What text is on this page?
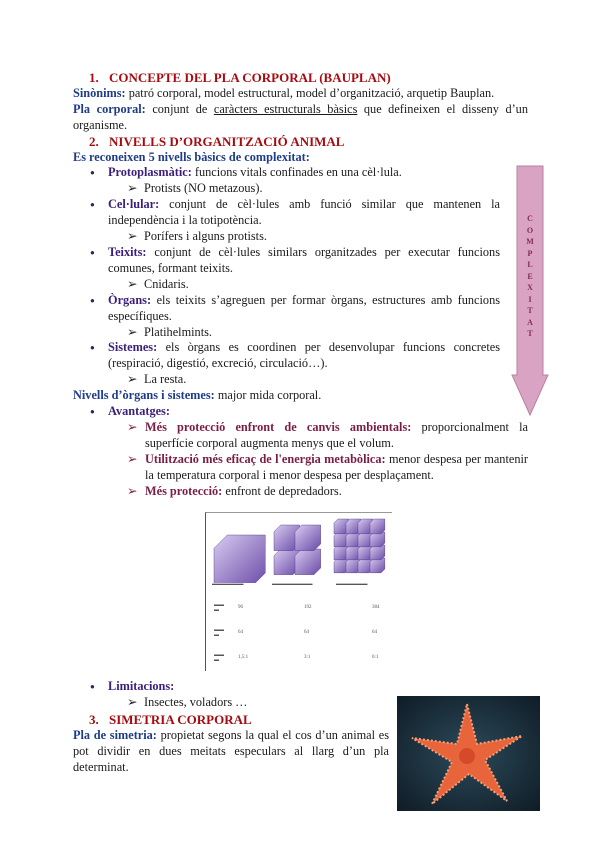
1. CONCEPTE DEL PLA CORPORAL (BAUPLAN)

Sinònims: patró corporal, model estructural, model d’organització, arquetip Bauplan.

Pla corporal: conjunt de caràcters estructurals bàsics que defineixen el disseny d’un organisme.

2. NIVELLS D’ORGANITZACIÓ ANIMAL

Es reconeixen 5 nivells bàsics de complexitat:

● Protoplasmàtic: funcions vitals confinades en una cèl·lula.
➢ Protists (NO metazous).
● Cel·lular: conjunt de cèl·lules amb funció similar que mantenen la independència i la totipotència.
➢ Porífers i alguns protists.
● Teixits: conjunt de cèl·lules similars organitzades per executar funcions comunes, formant teixits.
➢ Cnidaris.
● Òrgans: els teixits s’agreguen per formar òrgans, estructures amb funcions específiques.
➢ Platihelmints.
● Sistemes: els òrgans es coordinen per desenvolupar funcions concretes (respiració, digestió, excreció, circulació…).
➢ La resta.

Nivells d’òrgans i sistemes: major mida corporal.

● Avantatges:
➢ Més protecció enfront de canvis ambientals: proporcionalment la superfície corporal augmenta menys que el volum.
➢ Utilització més eficaç de l'energia metabòlica: menor despesa per mantenir la temperatura corporal i menor despesa per desplaçament.
➢ Més protecció: enfront de depredadors.
● Limitacions:
➢ Insectes, voladors …
3. SIMETRIA CORPORAL

Pla de simetria: propietat segons la qual el cos d’un animal es pot dividir en dues meitats especulars al llarg d’un pla determinat.

C
O
M
P
L
E
X
I
T
A
T
▬▬▬▬▬▬▬	▬▬▬▬▬▬▬▬▬	▬▬▬▬▬▬▬
▬▬
▬
96	192	384
▬▬
▬
64	64	64
▬▬
▬
1,5:1	3:1	6:1
